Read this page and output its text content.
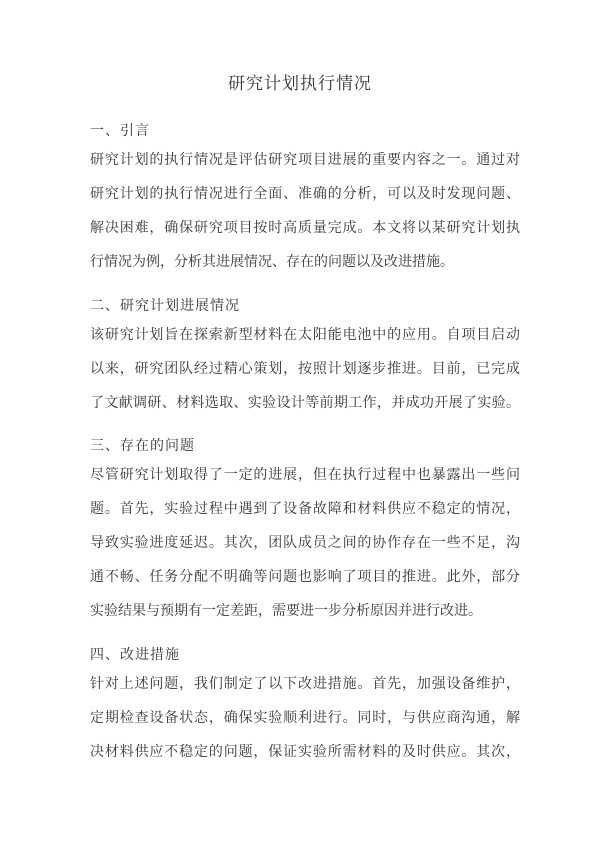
研究计划执行情况
一、引言
研究计划的执行情况是评估研究项目进展的重要内容之一。通过对
研究计划的执行情况进行全面、准确的分析，可以及时发现问题、
解决困难，确保研究项目按时高质量完成。本文将以某研究计划执
行情况为例，分析其进展情况、存在的问题以及改进措施。
二、研究计划进展情况
该研究计划旨在探索新型材料在太阳能电池中的应用。自项目启动
以来，研究团队经过精心策划，按照计划逐步推进。目前，已完成
了文献调研、材料选取、实验设计等前期工作，并成功开展了实验。
三、存在的问题
尽管研究计划取得了一定的进展，但在执行过程中也暴露出一些问
题。首先，实验过程中遇到了设备故障和材料供应不稳定的情况，
导致实验进度延迟。其次，团队成员之间的协作存在一些不足，沟
通不畅、任务分配不明确等问题也影响了项目的推进。此外，部分
实验结果与预期有一定差距，需要进一步分析原因并进行改进。
四、改进措施
针对上述问题，我们制定了以下改进措施。首先，加强设备维护，
定期检查设备状态，确保实验顺利进行。同时，与供应商沟通，解
决材料供应不稳定的问题，保证实验所需材料的及时供应。其次，
